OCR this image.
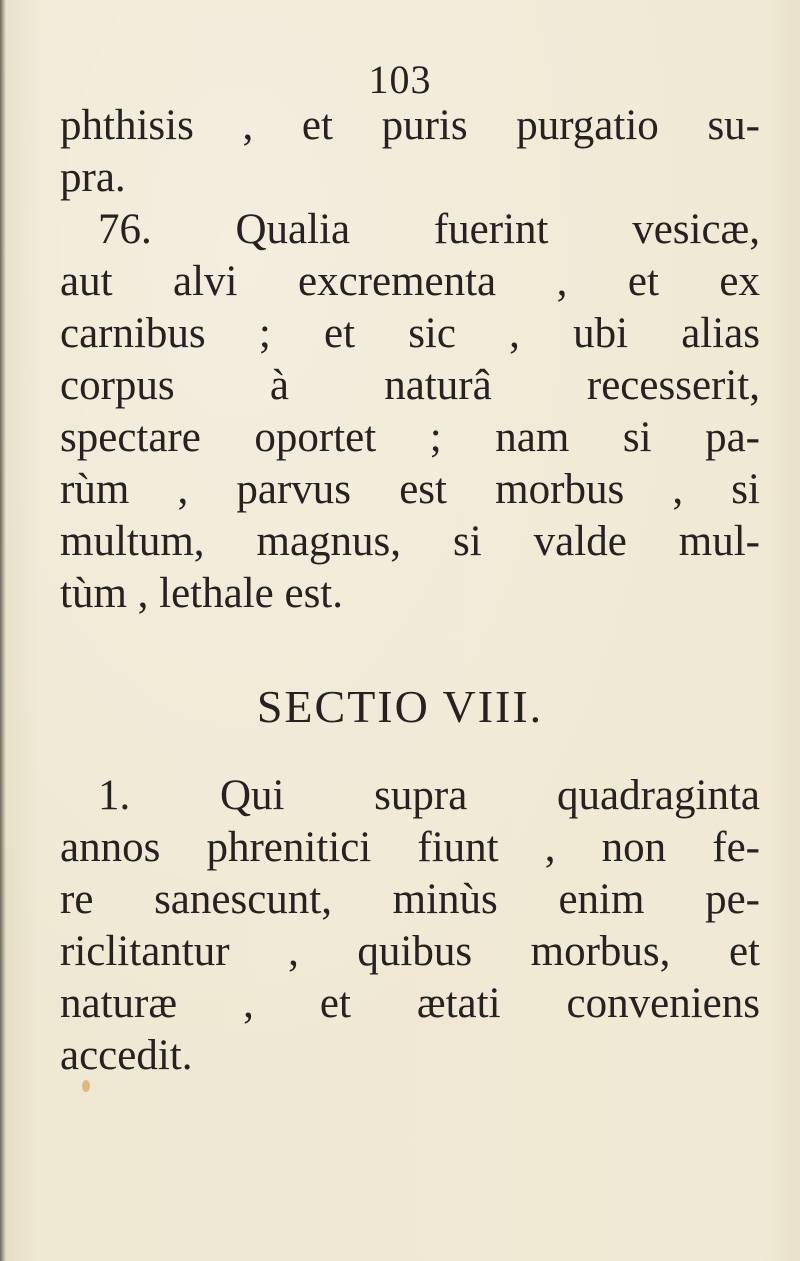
103
phthisis , et puris purgatio su-
pra.
76. Qualia fuerint vesicæ,
aut alvi excrementa , et ex
carnibus ; et sic , ubi alias
corpus à naturâ recesserit,
spectare oportet ; nam si pa-
rùm , parvus est morbus , si
multum, magnus, si valde mul-
tùm , lethale est.
SECTIO VIII.
1. Qui supra quadraginta
annos phrenitici fiunt , non fe-
re sanescunt, minùs enim pe-
riclitantur , quibus morbus, et
naturæ , et ætati conveniens
accedit.
